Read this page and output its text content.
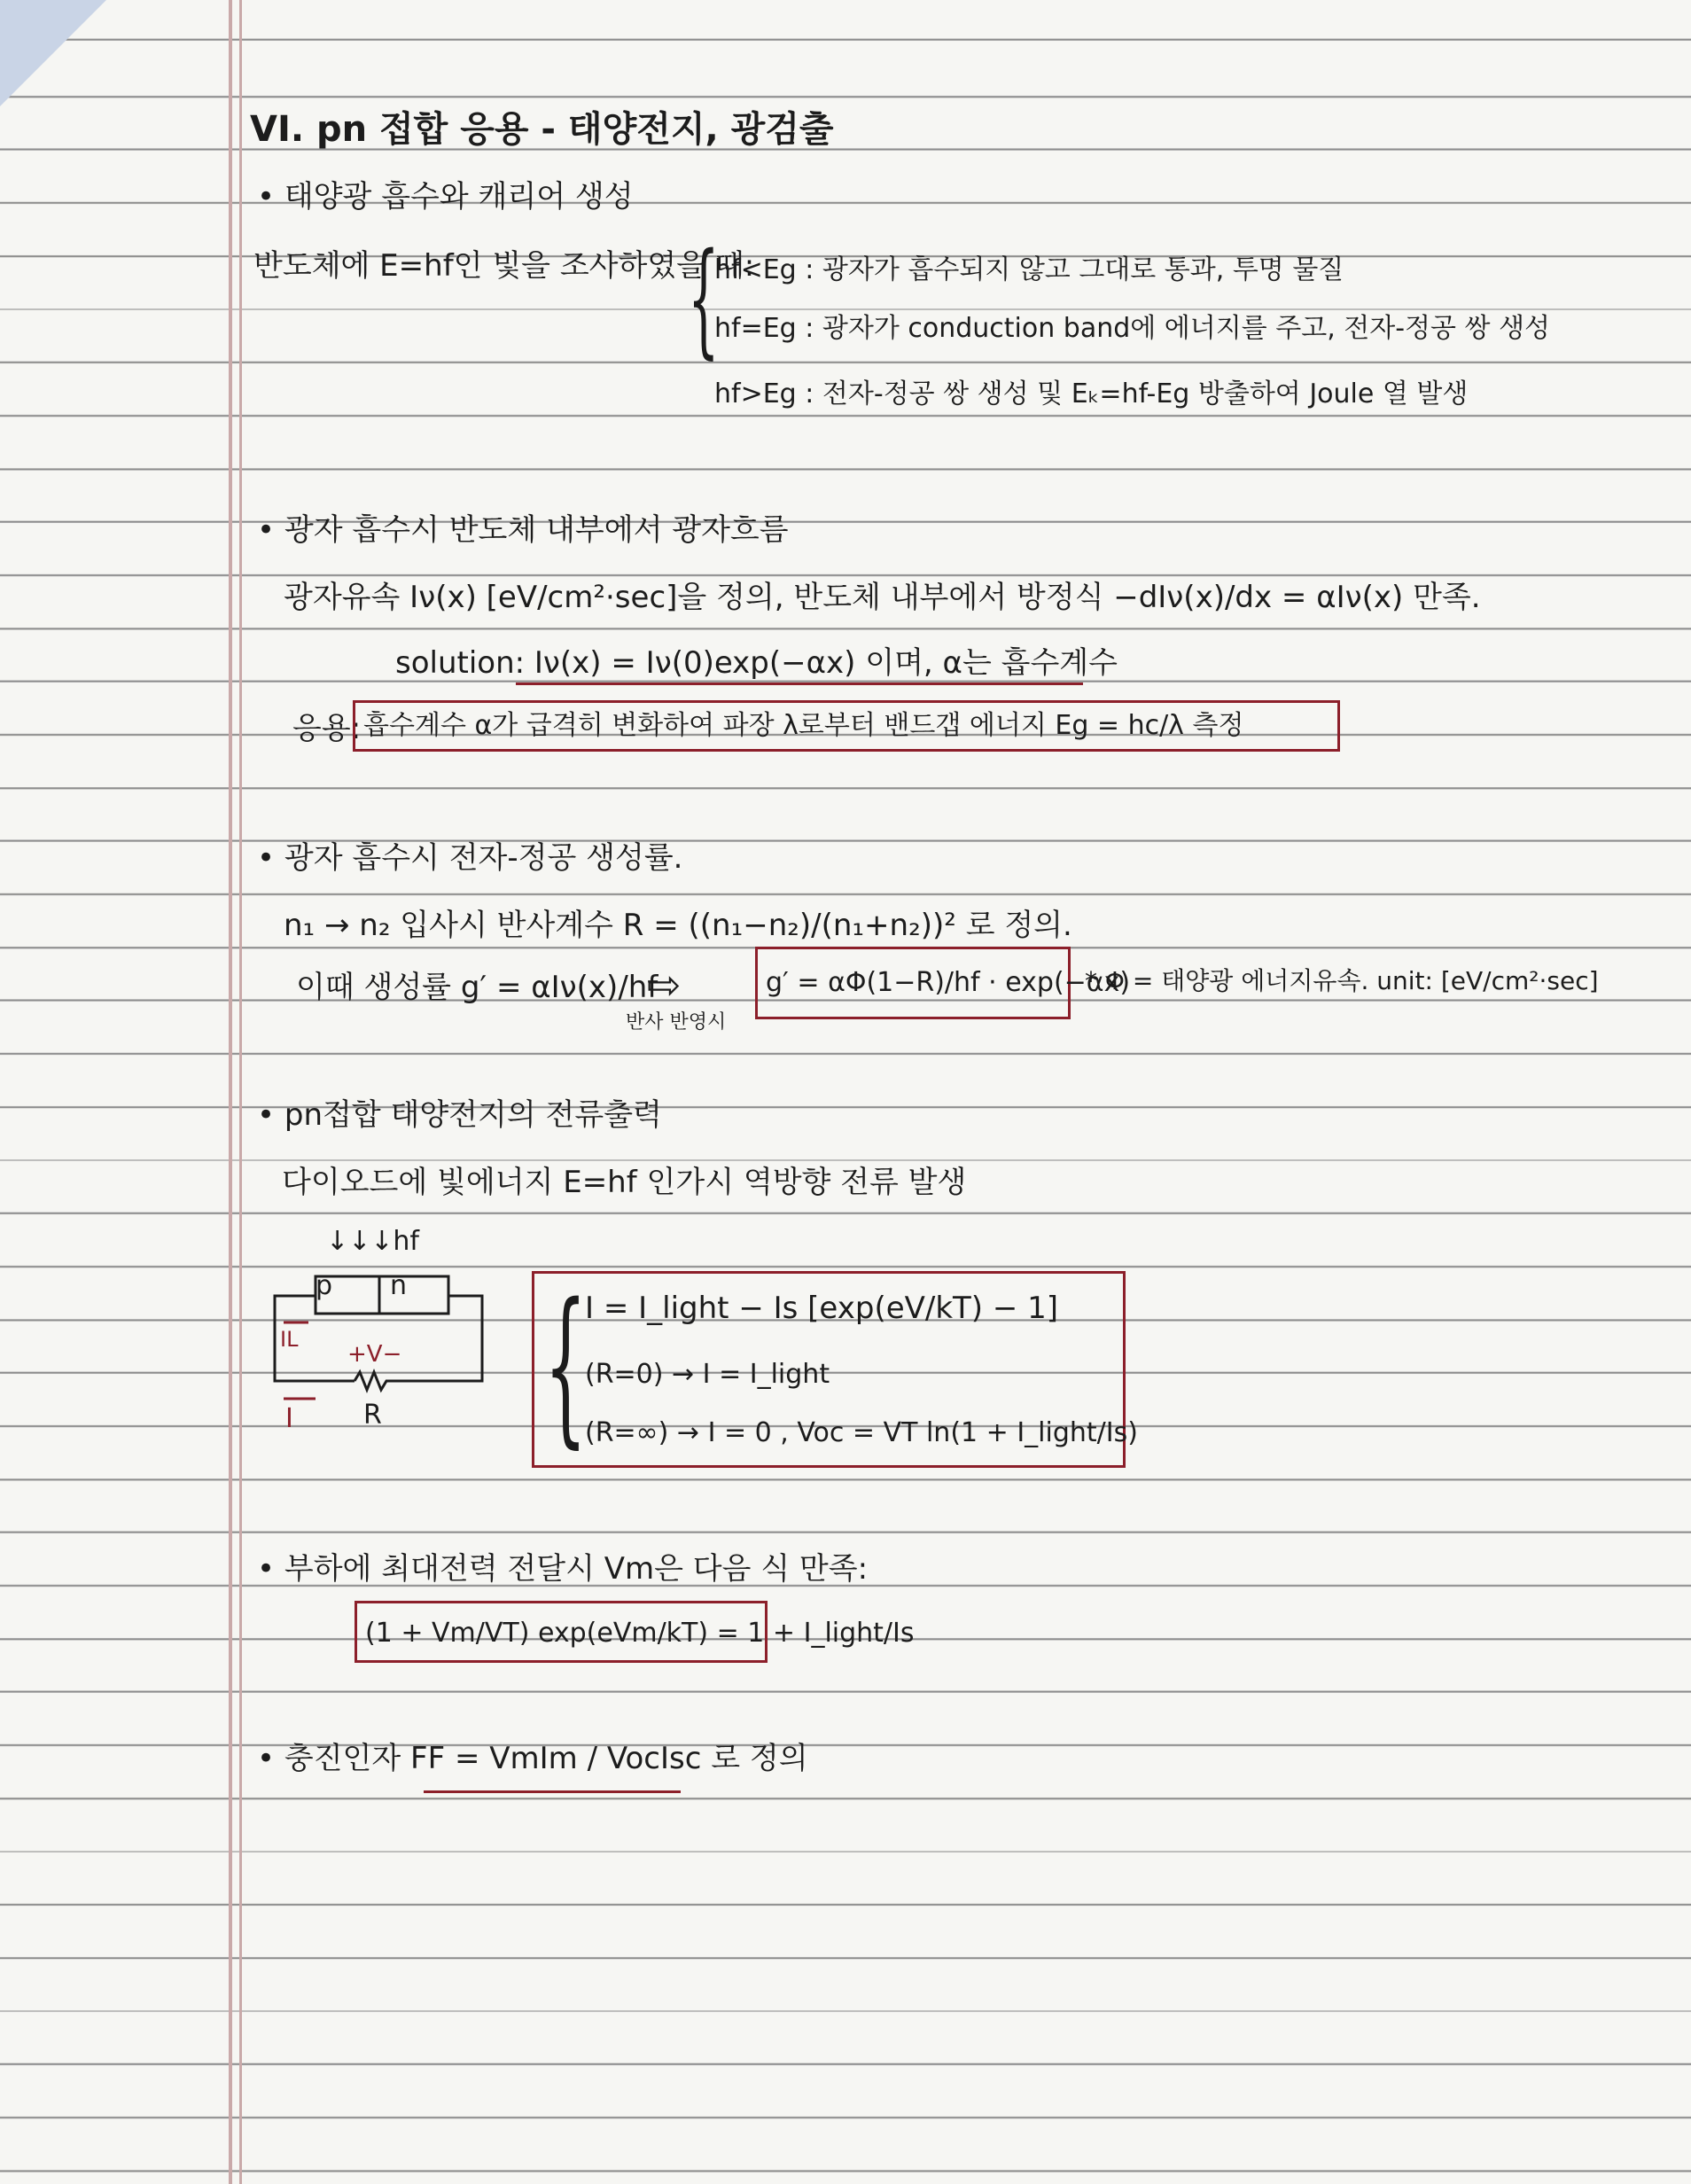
VI. pn 접합 응용 - 태양전지, 광검출
• 태양광 흡수와 캐리어 생성
반도체에 E=hf인 빛을 조사하였을 때:
{
hf<Eg : 광자가 흡수되지 않고 그대로 통과, 투명 물질
hf=Eg : 광자가 conduction band에 에너지를 주고, 전자-정공 쌍 생성
hf>Eg : 전자-정공 쌍 생성 및 Eₖ=hf-Eg 방출하여 Joule 열 발생
• 광자 흡수시 반도체 내부에서 광자흐름
광자유속 Iν(x) [eV/cm²·sec]을 정의, 반도체 내부에서 방정식 −dIν(x)/dx = αIν(x) 만족.
solution: Iν(x) = Iν(0)exp(−αx) 이며, α는 흡수계수
응용: 흡수계수 α가 급격히 변화하여 파장 λ로부터 밴드갭 에너지 Eg = hc/λ 측정
• 광자 흡수시 전자-정공 생성률.
n₁ → n₂ 입사시 반사계수 R = ((n₁−n₂)/(n₁+n₂))² 로 정의.
이때 생성률 g′ = αIν(x)/hf
⇨
반사 반영시
g′ = αΦ(1−R)/hf · exp(−αx)
* Φ = 태양광 에너지유속. unit: [eV/cm²·sec]
• pn접합 태양전지의 전류출력
다이오드에 빛에너지 E=hf 인가시 역방향 전류 발생
↓↓↓hf
p n
IL
+V−
I	R {
I = I_light − Is [exp(eV/kT) − 1]
(R=0) → I = I_light
(R=∞) → I = 0 , Voc = VT ln(1 + I_light/Is)
• 부하에 최대전력 전달시 Vm은 다음 식 만족:
(1 + Vm/VT) exp(eVm/kT) = 1 + I_light/Is
• 충진인자 FF = VmIm / VocIsc 로 정의
